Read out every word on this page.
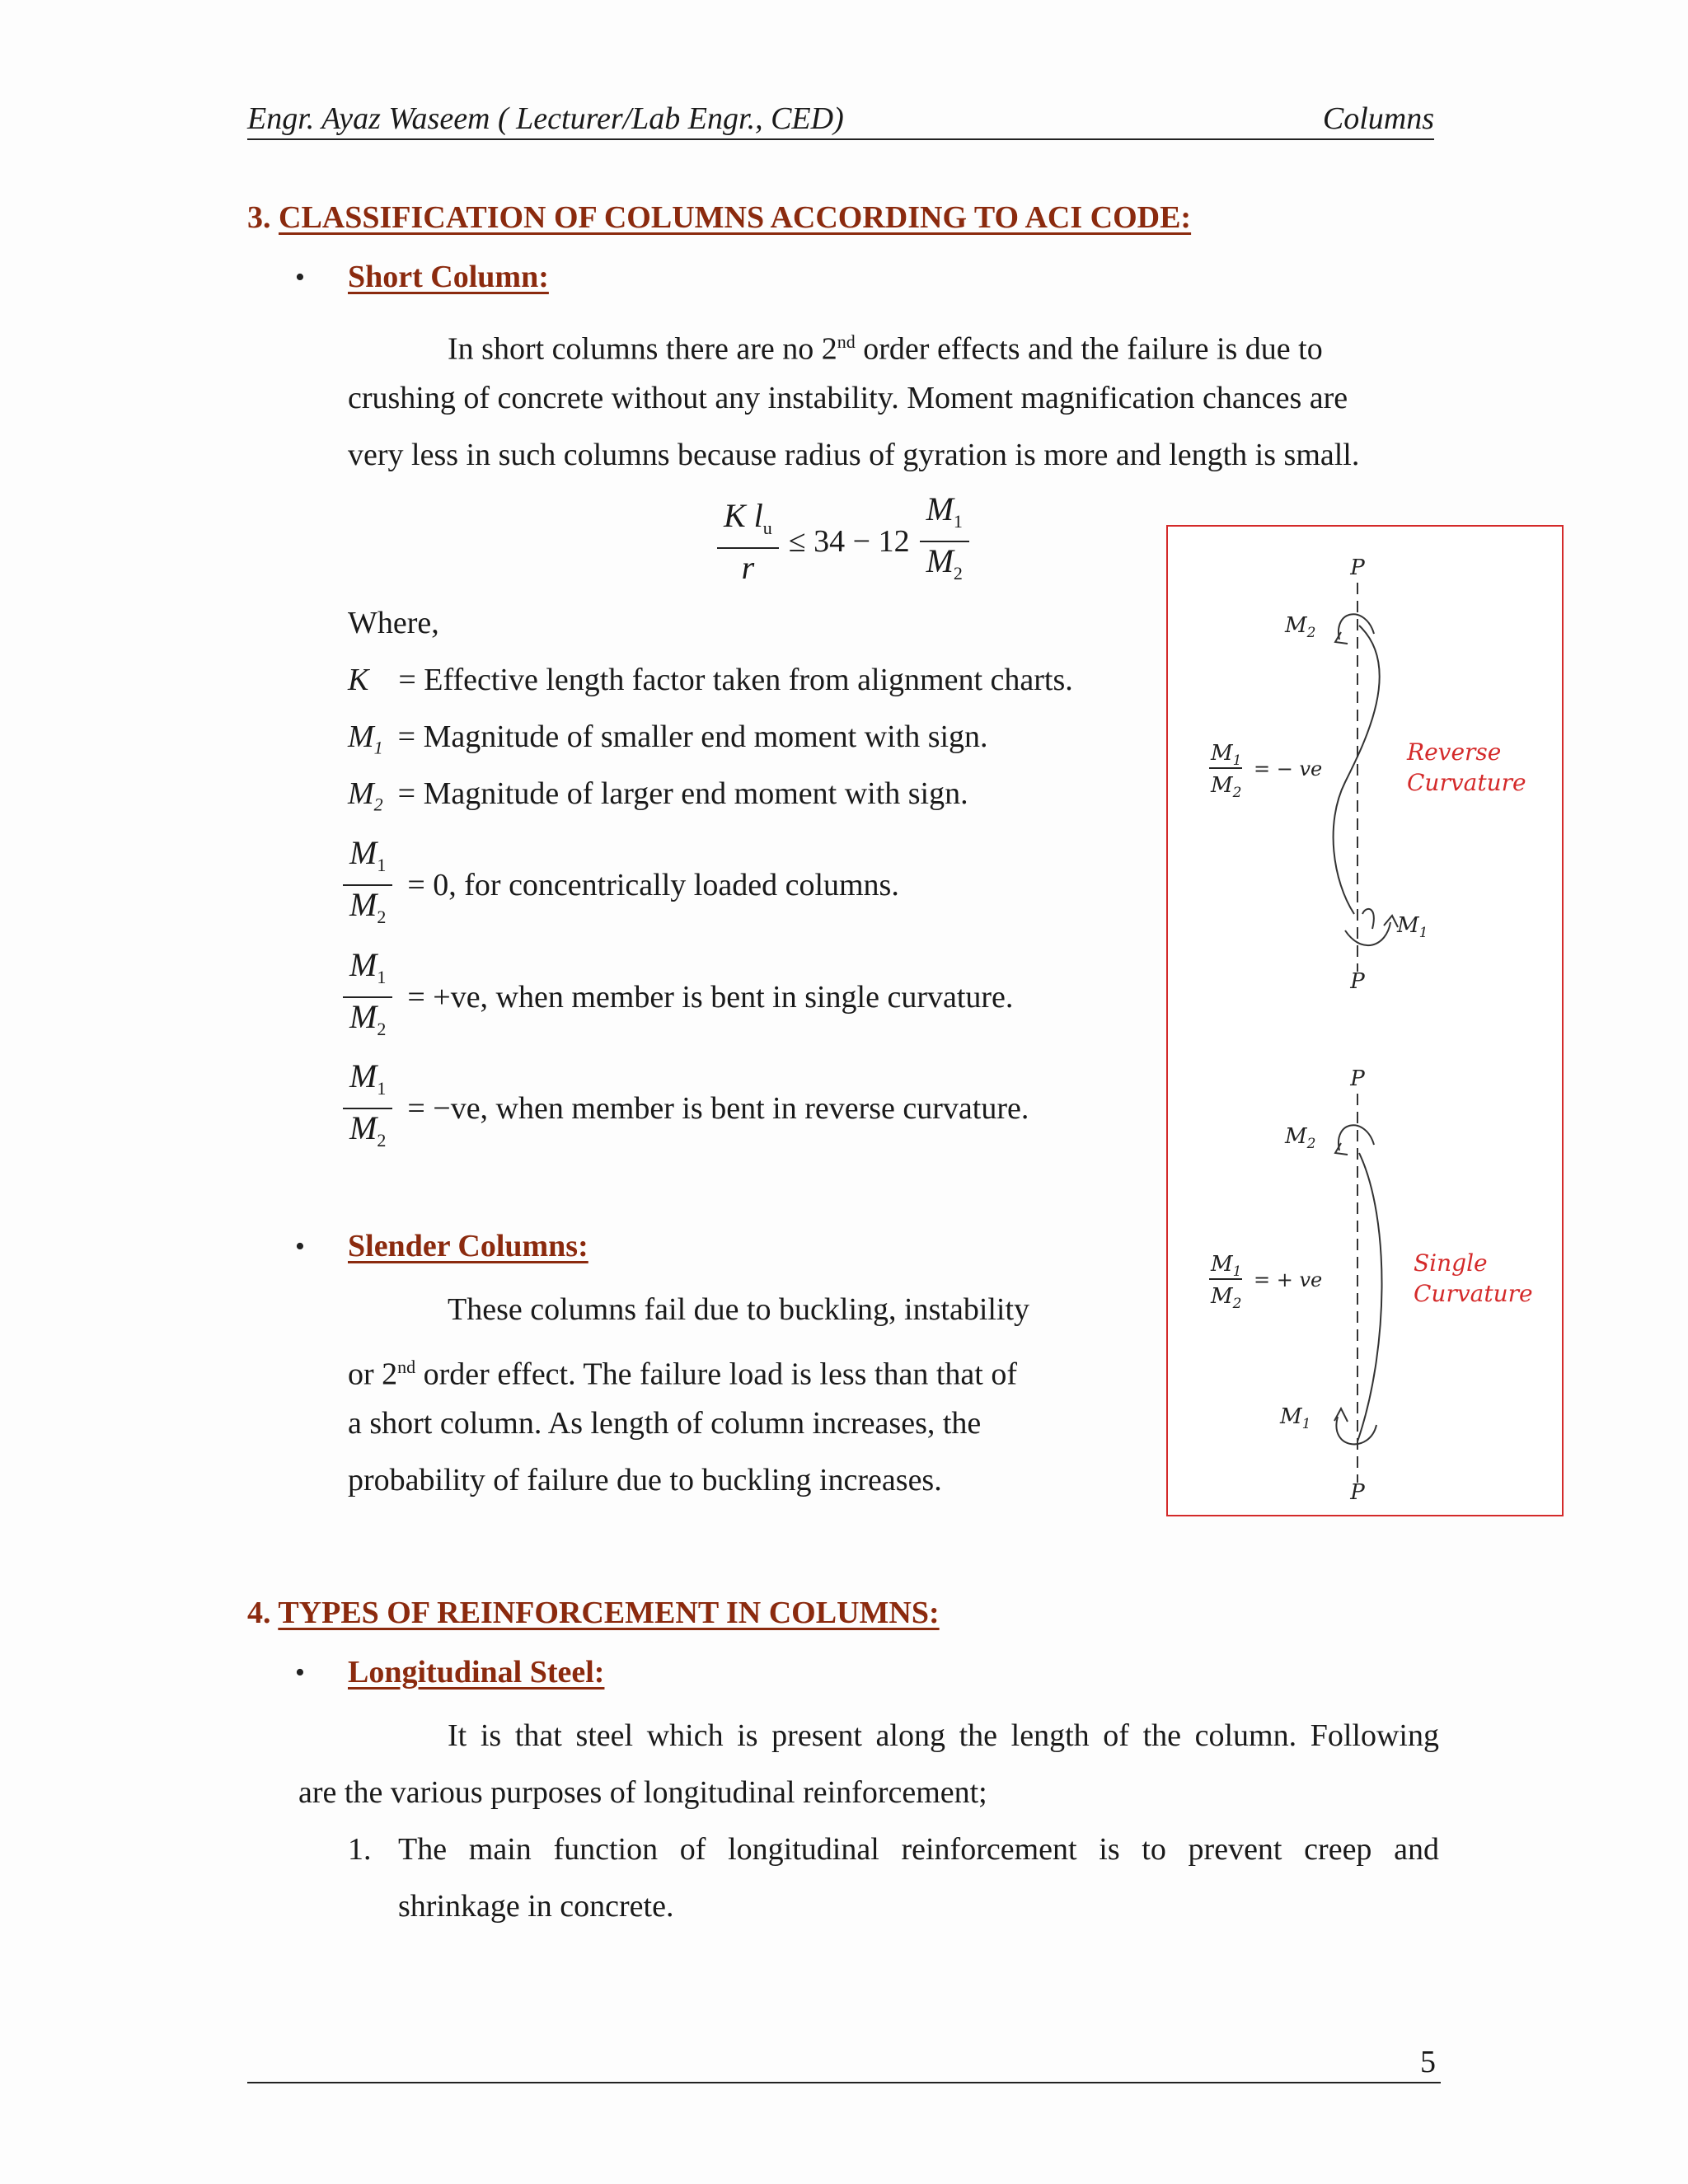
Engr. Ayaz Waseem ( Lecturer/Lab Engr., CED)	Columns
3. CLASSIFICATION OF COLUMNS ACCORDING TO ACI CODE:
• Short Column:
In short columns there are no 2nd order effects and the failure is due to
crushing of concrete without any instability. Moment magnification chances are
very less in such columns because radius of gyration is more and length is small.
$\frac{K l_u}{r} \le 34 - 12 \frac{M_1}{M_2}$
Where,
K = Effective length factor taken from alignment charts.
$M_1$ = Magnitude of smaller end moment with sign.
$M_2$ = Magnitude of larger end moment with sign.
$\frac{M_1}{M_2} = 0$, for concentrically loaded columns.
$\frac{M_1}{M_2} = +ve$, when member is bent in single curvature.
$\frac{M_1}{M_2} = -ve$, when member is bent in reverse curvature.
• Slender Columns:
These columns fail due to buckling, instability
or 2nd order effect. The failure load is less than that of
a short column. As length of column increases, the
probability of failure due to buckling increases.
P
P
$M_2$
$M_1$
$M_1$
$M_2$
= − ve
Reverse
Curvature
P
P
$M_2$
$M_1$
$M_1$
$M_2$
= + ve
Single
Curvature
4. TYPES OF REINFORCEMENT IN COLUMNS:
• Longitudinal Steel:
It is that steel which is present along the length of the column. Following
are the various purposes of longitudinal reinforcement;
1. The main function of longitudinal reinforcement is to prevent creep and
shrinkage in concrete.
5
